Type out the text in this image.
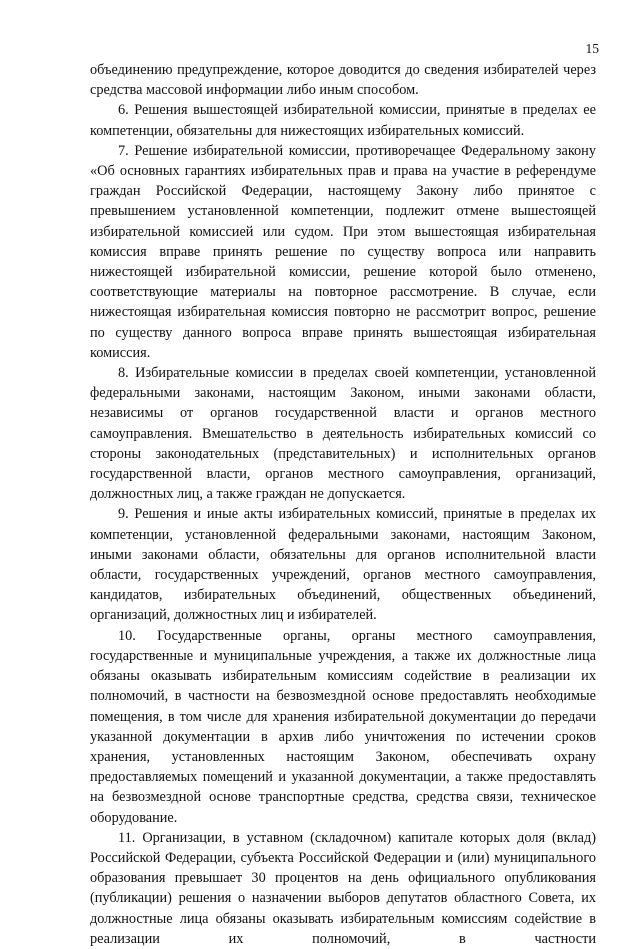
15

объединению предупреждение, которое доводится до сведения избирателей через средства массовой информации либо иным способом.

6. Решения вышестоящей избирательной комиссии, принятые в пределах ее компетенции, обязательны для нижестоящих избирательных комиссий.

7. Решение избирательной комиссии, противоречащее Федеральному закону «Об основных гарантиях избирательных прав и права на участие в референдуме граждан Российской Федерации, настоящему Закону либо принятое с превышением установленной компетенции, подлежит отмене вышестоящей избирательной комиссией или судом. При этом вышестоящая избирательная комиссия вправе принять решение по существу вопроса или направить нижестоящей избирательной комиссии, решение которой было отменено, соответствующие материалы на повторное рассмотрение. В случае, если нижестоящая избирательная комиссия повторно не рассмотрит вопрос, решение по существу данного вопроса вправе принять вышестоящая избирательная комиссия.

8. Избирательные комиссии в пределах своей компетенции, установленной федеральными законами, настоящим Законом, иными законами области, независимы от органов государственной власти и органов местного самоуправления. Вмешательство в деятельность избирательных комиссий со стороны законодательных (представительных) и исполнительных органов государственной власти, органов местного самоуправления, организаций, должностных лиц, а также граждан не допускается.

9. Решения и иные акты избирательных комиссий, принятые в пределах их компетенции, установленной федеральными законами, настоящим Законом, иными законами области, обязательны для органов исполнительной власти области, государственных учреждений, органов местного самоуправления, кандидатов, избирательных объединений, общественных объединений, организаций, должностных лиц и избирателей.

10. Государственные органы, органы местного самоуправления, государственные и муниципальные учреждения, а также их должностные лица обязаны оказывать избирательным комиссиям содействие в реализации их полномочий, в частности на безвозмездной основе предоставлять необходимые помещения, в том числе для хранения избирательной документации до передачи указанной документации в архив либо уничтожения по истечении сроков хранения, установленных настоящим Законом, обеспечивать охрану предоставляемых помещений и указанной документации, а также предоставлять на безвозмездной основе транспортные средства, средства связи, техническое оборудование.

11. Организации, в уставном (складочном) капитале которых доля (вклад) Российской Федерации, субъекта Российской Федерации и (или) муниципального образования превышает 30 процентов на день официального опубликования (публикации) решения о назначении выборов депутатов областного Совета, их должностные лица обязаны оказывать избирательным комиссиям содействие в реализации их полномочий, в частности
